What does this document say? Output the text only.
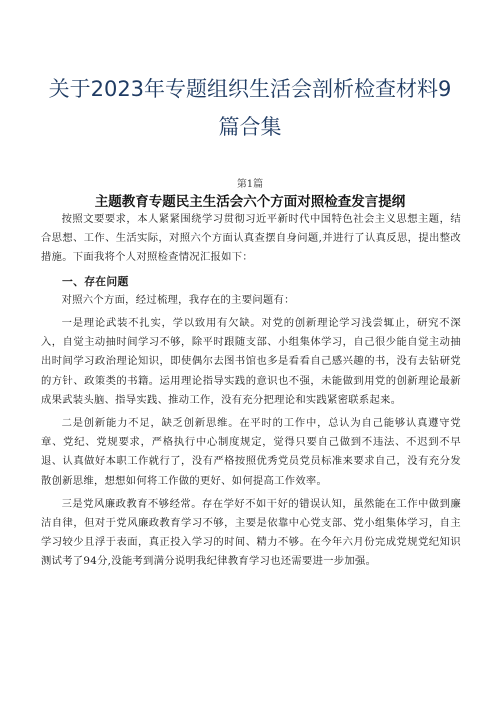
关于2023年专题组织生活会剖析检查材料9篇合集
第1篇
主题教育专题民主生活会六个方面对照检查发言提纲

按照文要要求，本人紧紧围绕学习贯彻习近平新时代中国特色社会主义思想主题，结合思想、工作、生活实际，对照六个方面认真查摆自身问题,并进行了认真反思，提出整改措施。下面我将个人对照检查情况汇报如下：

一、存在问题

对照六个方面，经过梳理，我存在的主要问题有：

一是理论武装不扎实，学以致用有欠缺。对党的创新理论学习浅尝辄止，研究不深入，自觉主动抽时间学习不够，除平时跟随支部、小组集体学习，自己很少能自觉主动抽出时间学习政治理论知识，即使偶尔去图书馆也多是看看自己感兴趣的书，没有去钻研党的方针、政策类的书籍。运用理论指导实践的意识也不强，未能做到用党的创新理论最新成果武装头脑、指导实践、推动工作，没有充分把理论和实践紧密联系起来。

二是创新能力不足，缺乏创新思维。在平时的工作中，总认为自己能够认真遵守党章、党纪、党规要求，严格执行中心制度规定，觉得只要自己做到不违法、不迟到不早退、认真做好本职工作就行了，没有严格按照优秀党员党员标准来要求自己，没有充分发散创新思维，想想如何将工作做的更好、如何提高工作效率。

三是党风廉政教育不够经常。存在学好不如干好的错误认知，虽然能在工作中做到廉洁自律，但对于党风廉政教育学习不够，主要是依靠中心党支部、党小组集体学习，自主学习较少且浮于表面，真正投入学习的时间、精力不够。在今年六月份完成党规党纪知识测试考了94分,没能考到满分说明我纪律教育学习也还需要进一步加强。
